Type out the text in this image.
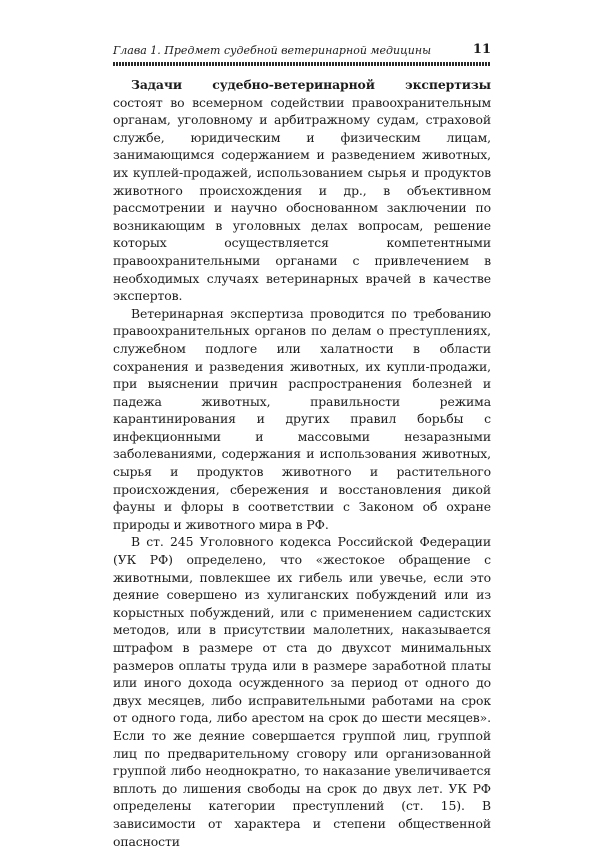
Глава 1. Предмет судебной ветеринарной медицины	11

Задачи судебно-ветеринарной экспертизы состоят во всемерном содействии правоохранительным органам, уголовному и арбитражному судам, страховой службе, юридическим и физическим лицам, занимающимся содержанием и разведением животных, их куплей-продажей, использованием сырья и продуктов животного происхождения и др., в объективном рассмотрении и научно обоснованном заключении по возникающим в уголовных делах вопросам, решение которых осуществляется компетентными правоохранительными органами с привлечением в необходимых случаях ветеринарных врачей в качестве экспертов.

Ветеринарная экспертиза проводится по требованию правоохранительных органов по делам о преступлениях, служебном подлоге или халатности в области сохранения и разведения животных, их купли-продажи, при выяснении причин распространения болезней и падежа животных, правильности режима карантинирования и других правил борьбы с инфекционными и массовыми незаразными заболеваниями, содержания и использования животных, сырья и продуктов животного и растительного происхождения, сбережения и восстановления дикой фауны и флоры в соответствии с Законом об охране природы и животного мира в РФ.

В ст. 245 Уголовного кодекса Российской Федерации (УК РФ) определено, что «жестокое обращение с животными, повлекшее их гибель или увечье, если это деяние совершено из хулиганских побуждений или из корыстных побуждений, или с применением садистских методов, или в присутствии малолетних, наказывается штрафом в размере от ста до двухсот минимальных размеров оплаты труда или в размере заработной платы или иного дохода осужденного за период от одного до двух месяцев, либо исправительными работами на срок от одного года, либо арестом на срок до шести месяцев». Если то же деяние совершается группой лиц, группой лиц по предварительному сговору или организованной группой либо неоднократно, то наказание увеличивается вплоть до лишения свободы на срок до двух лет. УК РФ определены категории преступлений (ст. 15). В зависимости от характера и степени общественной опасности
